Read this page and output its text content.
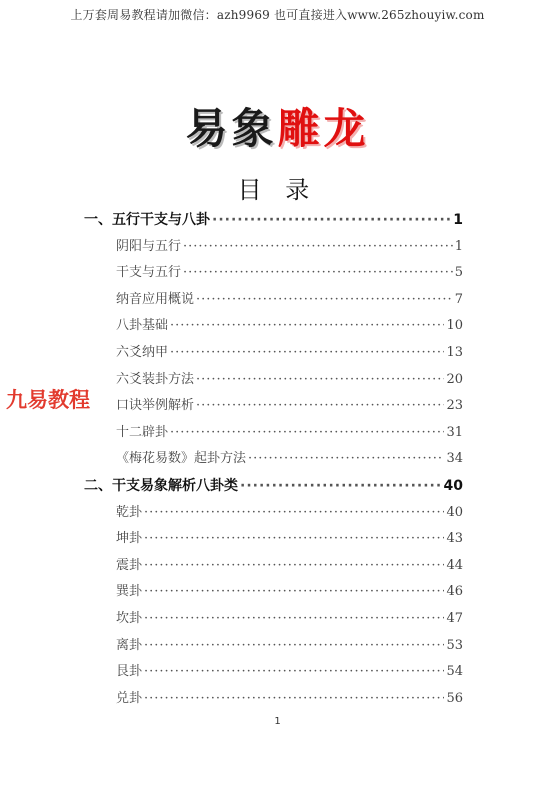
上万套周易教程请加微信：azh9969 也可直接进入www.265zhouyiw.com
易象雕龙
目 录
九易教程
一、五行干支与八卦 ·····	1
阴阳与五行 ·····	1
干支与五行 ·····	5
纳音应用概说 ·····	7
八卦基础 ·····	10
六爻纳甲 ·····	13
六爻装卦方法 ·····	20
口诀举例解析 ·····	23
十二辟卦 ·····	31
《梅花易数》起卦方法 ·····	34
二、干支易象解析八卦类 ·····	40
乾卦 ·····	40
坤卦 ·····	43
震卦 ·····	44
巽卦 ·····	46
坎卦 ·····	47
离卦 ·····	53
艮卦 ·····	54
兑卦 ·····	56
1
